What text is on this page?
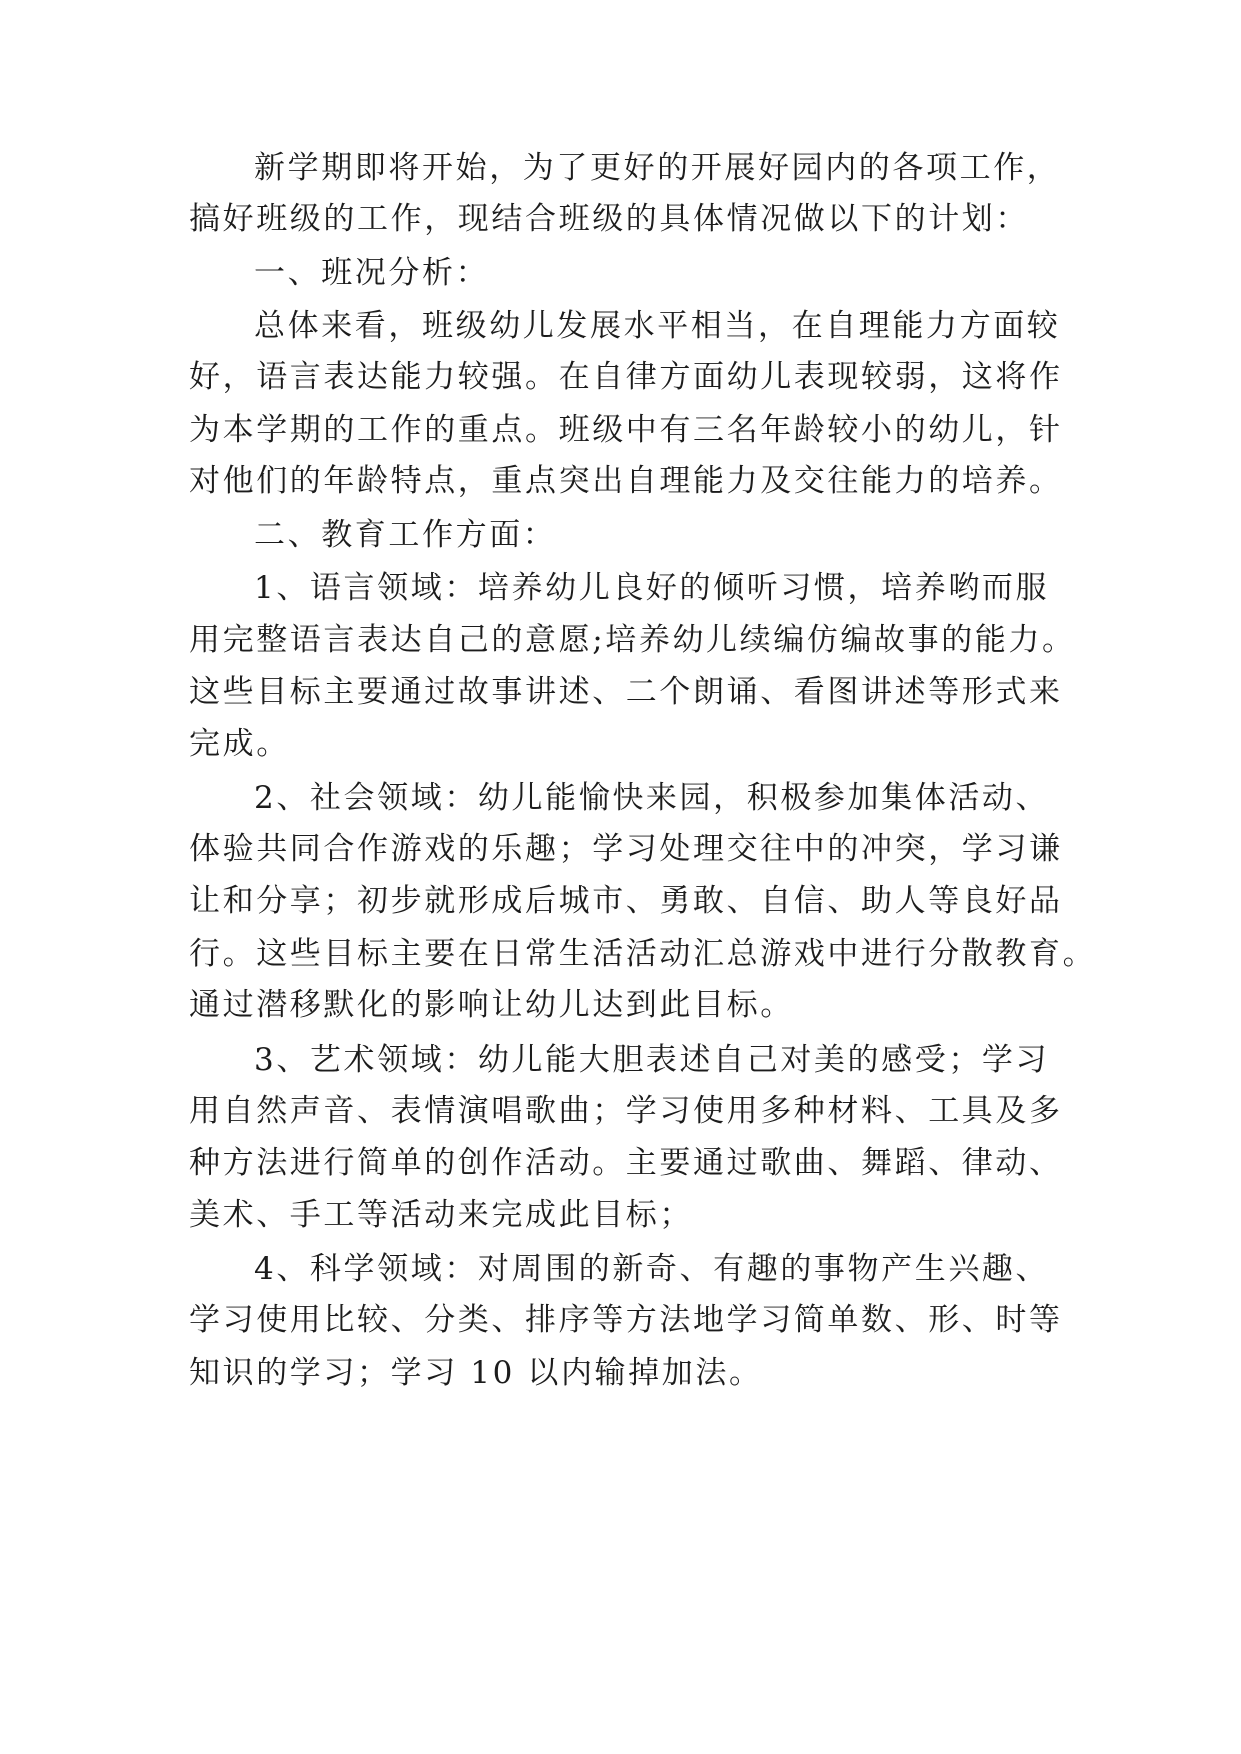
新学期即将开始，为了更好的开展好园内的各项工作，
搞好班级的工作，现结合班级的具体情况做以下的计划：
一、班况分析：
总体来看，班级幼儿发展水平相当，在自理能力方面较
好，语言表达能力较强。在自律方面幼儿表现较弱，这将作
为本学期的工作的重点。班级中有三名年龄较小的幼儿，针
对他们的年龄特点，重点突出自理能力及交往能力的培养。
二、教育工作方面：
1、语言领域：培养幼儿良好的倾听习惯，培养哟而服
用完整语言表达自己的意愿;培养幼儿续编仿编故事的能力。
这些目标主要通过故事讲述、二个朗诵、看图讲述等形式来
完成。
2、社会领域：幼儿能愉快来园，积极参加集体活动、
体验共同合作游戏的乐趣；学习处理交往中的冲突，学习谦
让和分享；初步就形成后城市、勇敢、自信、助人等良好品
行。这些目标主要在日常生活活动汇总游戏中进行分散教育。
通过潜移默化的影响让幼儿达到此目标。
3、艺术领域：幼儿能大胆表述自己对美的感受；学习
用自然声音、表情演唱歌曲；学习使用多种材料、工具及多
种方法进行简单的创作活动。主要通过歌曲、舞蹈、律动、
美术、手工等活动来完成此目标；
4、科学领域：对周围的新奇、有趣的事物产生兴趣、
学习使用比较、分类、排序等方法地学习简单数、形、时等
知识的学习；学习 10 以内输掉加法。
